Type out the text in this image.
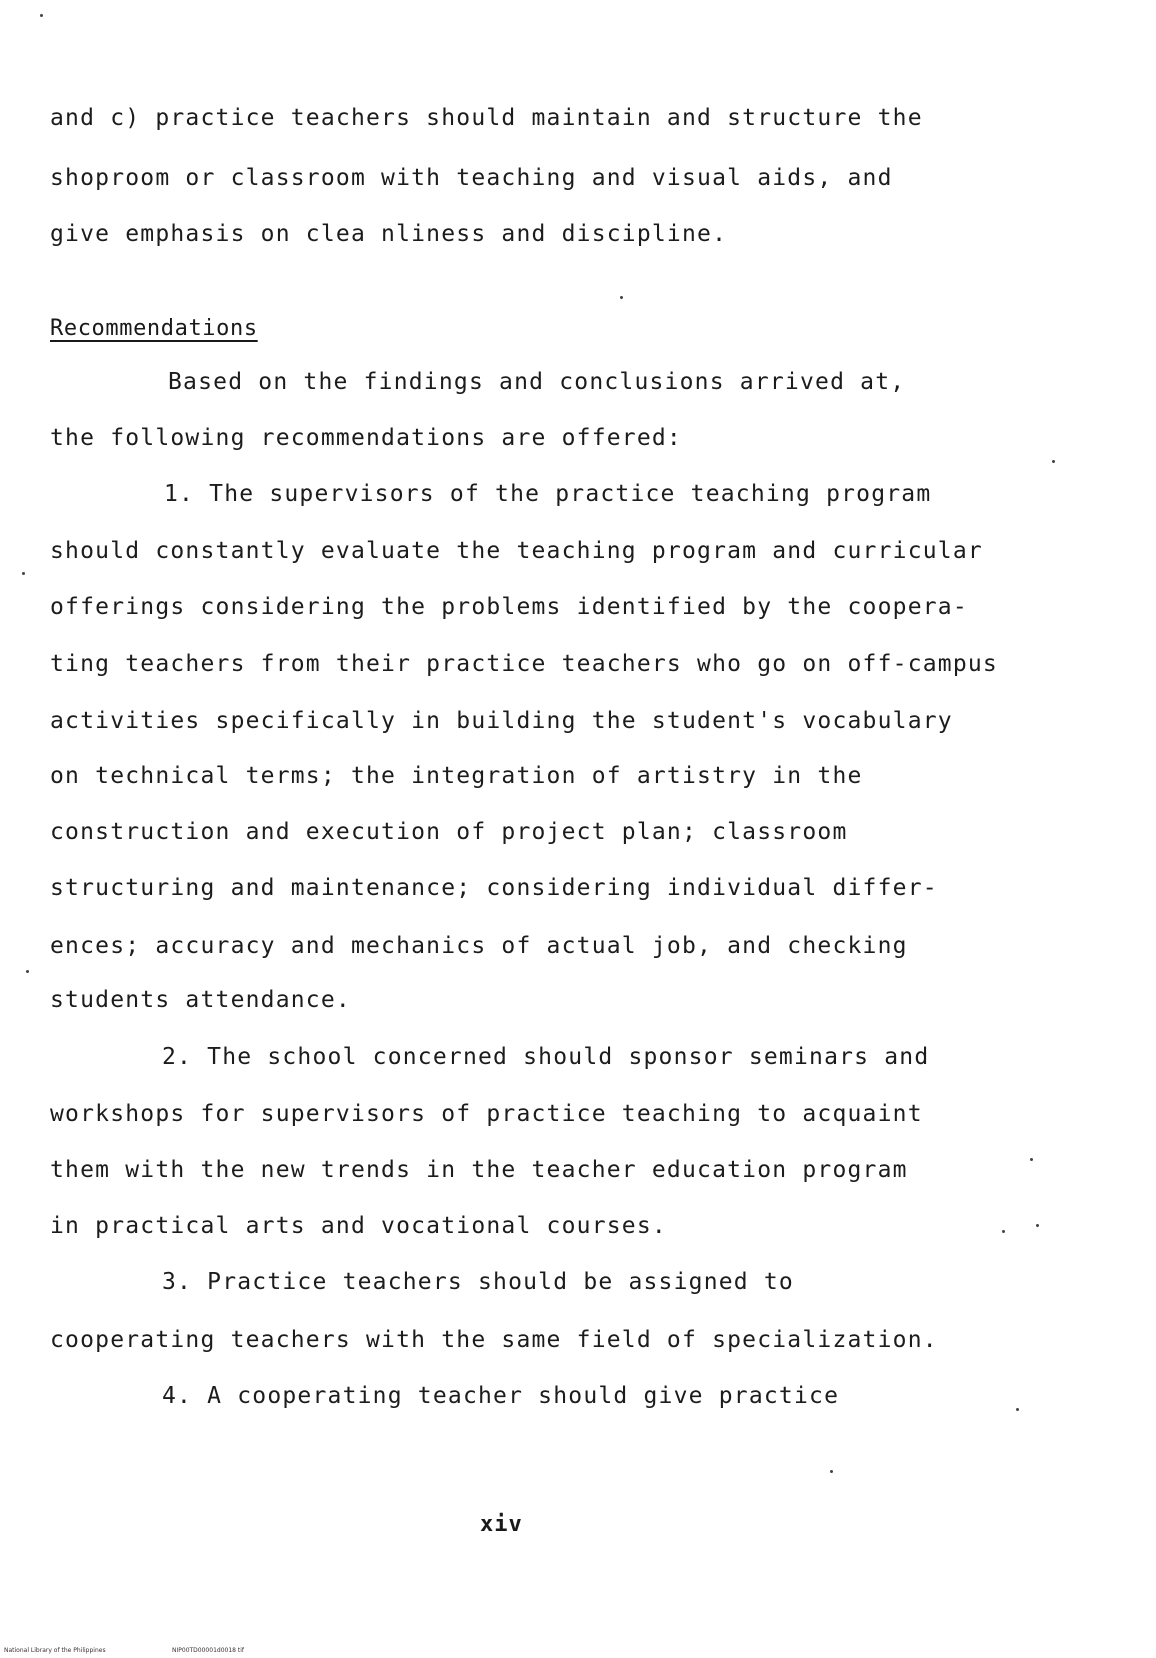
and c) practice teachers should maintain and structure the
shoproom or classroom with teaching and visual aids, and
give emphasis on clea nliness and discipline.
Recommendations
Based on the findings and conclusions arrived at,
the following recommendations are offered:
1. The supervisors of the practice teaching program
should constantly evaluate the teaching program and curricular
offerings considering the problems identified by the coopera-
ting teachers from their practice teachers who go on off-campus
activities specifically in building the student's vocabulary
on technical terms; the integration of artistry in the
construction and execution of project plan; classroom
structuring and maintenance; considering individual differ-
ences; accuracy and mechanics of actual job, and checking
students attendance.
2. The school concerned should sponsor seminars and
workshops for supervisors of practice teaching to acquaint
them with the new trends in the teacher education program
in practical arts and vocational courses.
3. Practice teachers should be assigned to
cooperating teachers with the same field of specialization.
4. A cooperating teacher should give practice
xiv
National Library of the Philippines	NIP00TD00001d0018 tif
